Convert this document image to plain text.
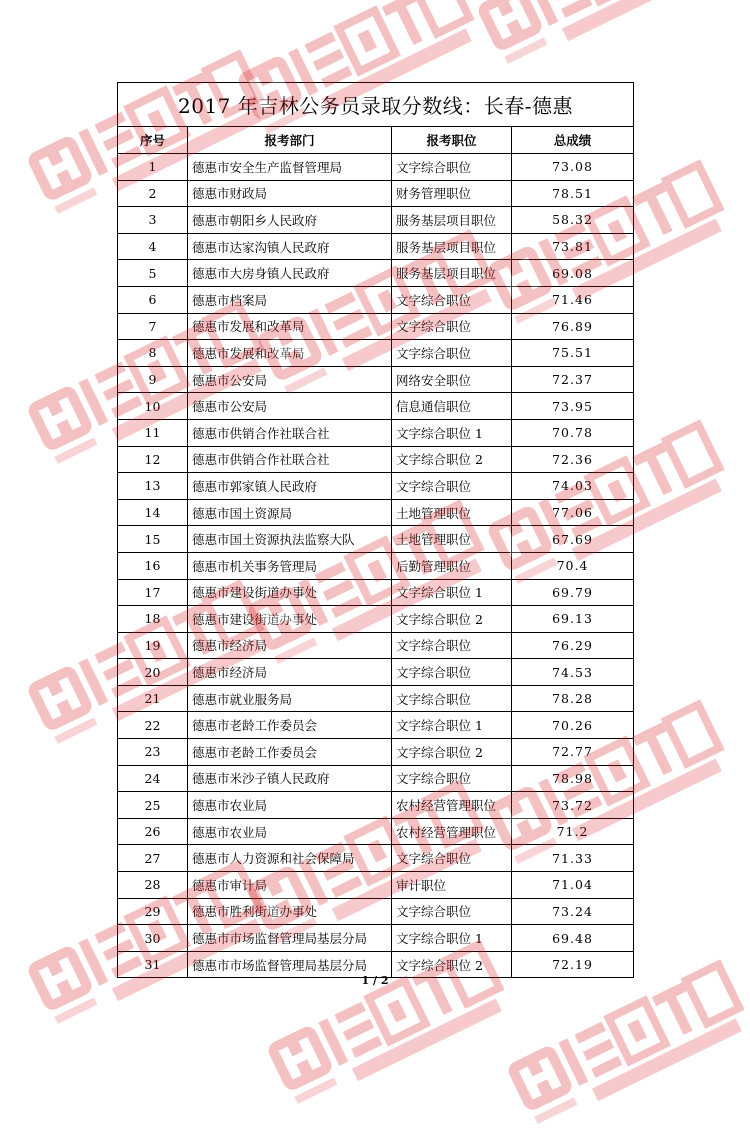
2017 年吉林公务员录取分数线：长春-德惠			
序号	报考部门	报考职位	总成绩
1	德惠市安全生产监督管理局	文字综合职位	73.08
2	德惠市财政局	财务管理职位	78.51
3	德惠市朝阳乡人民政府	服务基层项目职位	58.32
4	德惠市达家沟镇人民政府	服务基层项目职位	73.81
5	德惠市大房身镇人民政府	服务基层项目职位	69.08
6	德惠市档案局	文字综合职位	71.46
7	德惠市发展和改革局	文字综合职位	76.89
8	德惠市发展和改革局	文字综合职位	75.51
9	德惠市公安局	网络安全职位	72.37
10	德惠市公安局	信息通信职位	73.95
11	德惠市供销合作社联合社	文字综合职位 1	70.78
12	德惠市供销合作社联合社	文字综合职位 2	72.36
13	德惠市郭家镇人民政府	文字综合职位	74.03
14	德惠市国土资源局	土地管理职位	77.06
15	德惠市国土资源执法监察大队	土地管理职位	67.69
16	德惠市机关事务管理局	后勤管理职位	70.4
17	德惠市建设街道办事处	文字综合职位 1	69.79
18	德惠市建设街道办事处	文字综合职位 2	69.13
19	德惠市经济局	文字综合职位	76.29
20	德惠市经济局	文字综合职位	74.53
21	德惠市就业服务局	文字综合职位	78.28
22	德惠市老龄工作委员会	文字综合职位 1	70.26
23	德惠市老龄工作委员会	文字综合职位 2	72.77
24	德惠市米沙子镇人民政府	文字综合职位	78.98
25	德惠市农业局	农村经营管理职位	73.72
26	德惠市农业局	农村经营管理职位	71.2
27	德惠市人力资源和社会保障局	文字综合职位	71.33
28	德惠市审计局	审计职位	71.04
29	德惠市胜利街道办事处	文字综合职位	73.24
30	德惠市市场监督管理局基层分局	文字综合职位 1	69.48
31	德惠市市场监督管理局基层分局	文字综合职位 2	72.19
1 / 2
